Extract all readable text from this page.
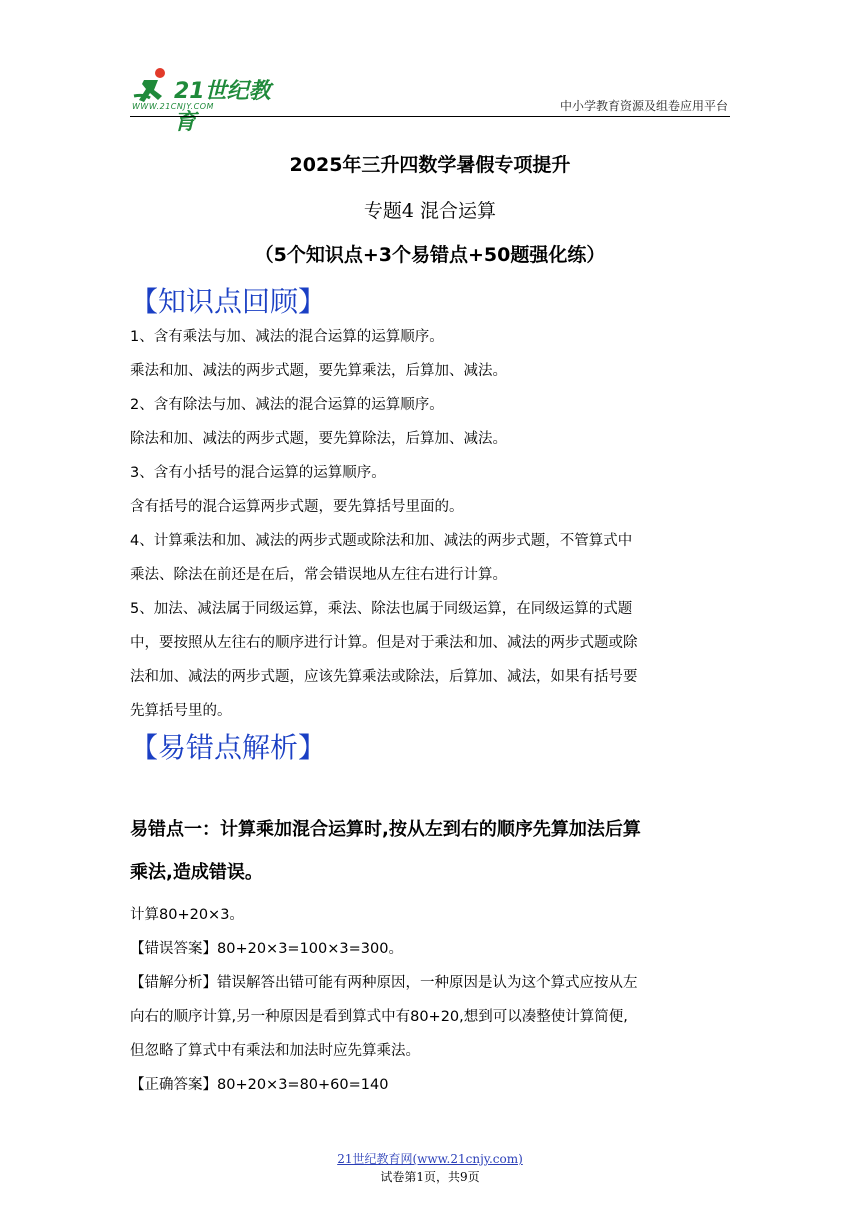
21世纪教育
WWW.21CNJY.COM	中小学教育资源及组卷应用平台
2025年三升四数学暑假专项提升
专题4 混合运算
（5个知识点+3个易错点+50题强化练）
【知识点回顾】

1、含有乘法与加、减法的混合运算的运算顺序。

乘法和加、减法的两步式题，要先算乘法，后算加、减法。

2、含有除法与加、减法的混合运算的运算顺序。

除法和加、减法的两步式题，要先算除法，后算加、减法。

3、含有小括号的混合运算的运算顺序。

含有括号的混合运算两步式题，要先算括号里面的。

4、计算乘法和加、减法的两步式题或除法和加、减法的两步式题，不管算式中

乘法、除法在前还是在后，常会错误地从左往右进行计算。

5、加法、减法属于同级运算，乘法、除法也属于同级运算，在同级运算的式题

中，要按照从左往右的顺序进行计算。但是对于乘法和加、减法的两步式题或除

法和加、减法的两步式题，应该先算乘法或除法，后算加、减法，如果有括号要

先算括号里的。

【易错点解析】
易错点一：计算乘加混合运算时,按从左到右的顺序先算加法后算
乘法,造成错误。

计算80+20×3。

【错误答案】80+20×3=100×3=300。

【错解分析】错误解答出错可能有两种原因，一种原因是认为这个算式应按从左

向右的顺序计算,另一种原因是看到算式中有80+20,想到可以凑整使计算简便,

但忽略了算式中有乘法和加法时应先算乘法。

【正确答案】80+20×3=80+60=140

21世纪教育网(www.21cnjy.com)
试卷第1页，共9页
